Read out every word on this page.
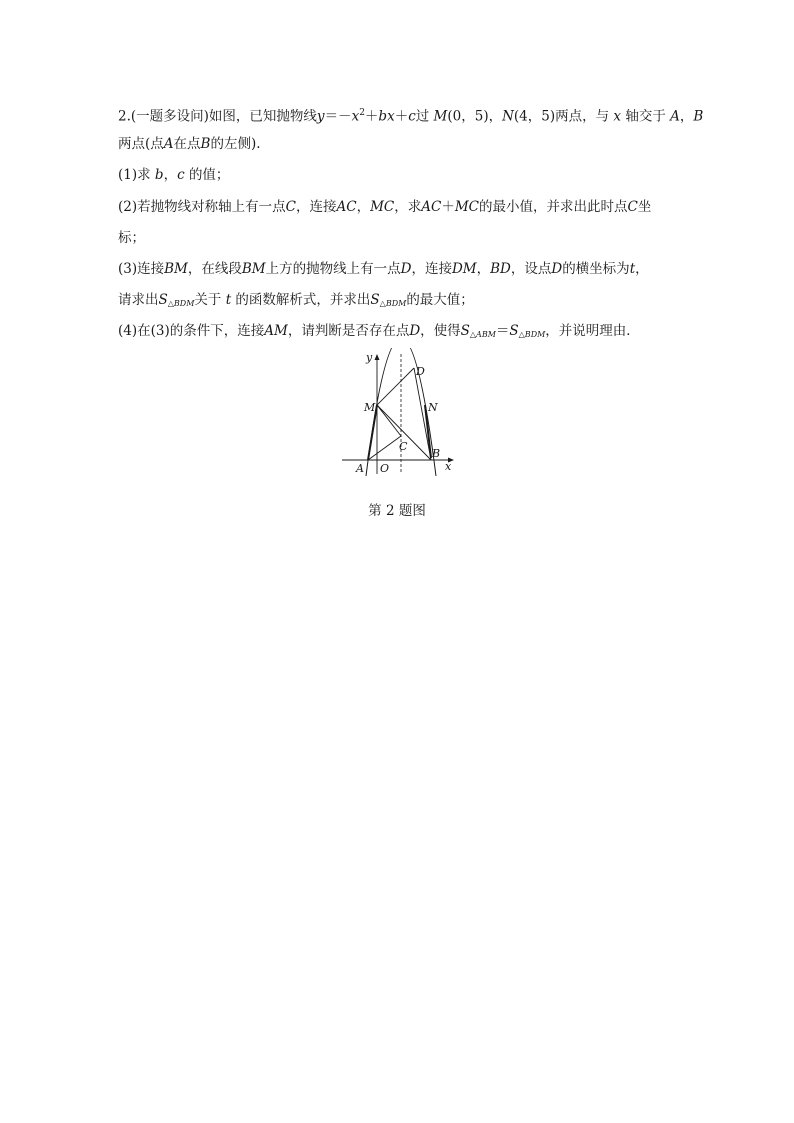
2.(一题多设问)如图，已知抛物线$y=-x^2+bx+c$过 M(0，5)，N(4，5)两点，与 x 轴交于 A，B
两点(点A在点B的左侧).
(1)求 b，c 的值；
(2)若抛物线对称轴上有一点C，连接AC，MC，求AC＋MC的最小值，并求出此时点C坐
标；
(3)连接BM，在线段BM上方的抛物线上有一点D，连接DM，BD，设点D的横坐标为t，
请求出$S_{\triangle BDM}$关于 t 的函数解析式，并求出$S_{\triangle BDM}$的最大值；
(4)在(3)的条件下，连接AM，请判断是否存在点D，使得$S_{\triangle ABM}=S_{\triangle BDM}$，并说明理由．
y
x
O
A
B
C
D
M	N
第 2 题图
